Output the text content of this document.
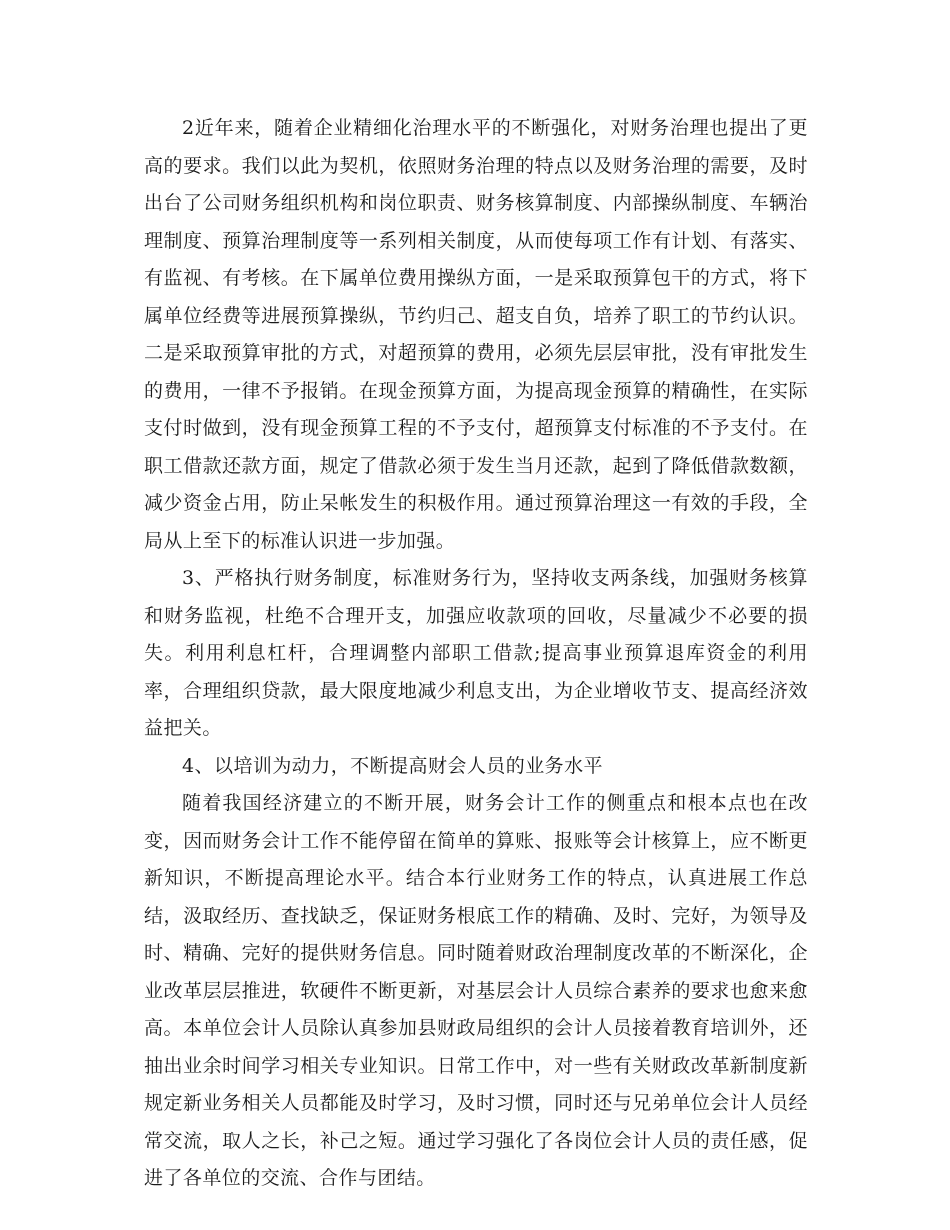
2近年来，随着企业精细化治理水平的不断强化，对财务治理也提出了更高的要求。我们以此为契机，依照财务治理的特点以及财务治理的需要，及时出台了公司财务组织机构和岗位职责、财务核算制度、内部操纵制度、车辆治理制度、预算治理制度等一系列相关制度，从而使每项工作有计划、有落实、有监视、有考核。在下属单位费用操纵方面，一是采取预算包干的方式，将下属单位经费等进展预算操纵，节约归己、超支自负，培养了职工的节约认识。二是采取预算审批的方式，对超预算的费用，必须先层层审批，没有审批发生的费用，一律不予报销。在现金预算方面，为提高现金预算的精确性，在实际支付时做到，没有现金预算工程的不予支付，超预算支付标准的不予支付。在职工借款还款方面，规定了借款必须于发生当月还款，起到了降低借款数额，减少资金占用，防止呆帐发生的积极作用。通过预算治理这一有效的手段，全局从上至下的标准认识进一步加强。

3、严格执行财务制度，标准财务行为，坚持收支两条线，加强财务核算和财务监视，杜绝不合理开支，加强应收款项的回收，尽量减少不必要的损失。利用利息杠杆，合理调整内部职工借款;提高事业预算退库资金的利用率，合理组织贷款，最大限度地减少利息支出，为企业增收节支、提高经济效益把关。

4、以培训为动力，不断提高财会人员的业务水平

随着我国经济建立的不断开展，财务会计工作的侧重点和根本点也在改变，因而财务会计工作不能停留在简单的算账、报账等会计核算上，应不断更新知识，不断提高理论水平。结合本行业财务工作的特点，认真进展工作总结，汲取经历、查找缺乏，保证财务根底工作的精确、及时、完好，为领导及时、精确、完好的提供财务信息。同时随着财政治理制度改革的不断深化，企业改革层层推进，软硬件不断更新，对基层会计人员综合素养的要求也愈来愈高。本单位会计人员除认真参加县财政局组织的会计人员接着教育培训外，还抽出业余时间学习相关专业知识。日常工作中，对一些有关财政改革新制度新规定新业务相关人员都能及时学习，及时习惯，同时还与兄弟单位会计人员经常交流，取人之长，补己之短。通过学习强化了各岗位会计人员的责任感，促进了各单位的交流、合作与团结。
